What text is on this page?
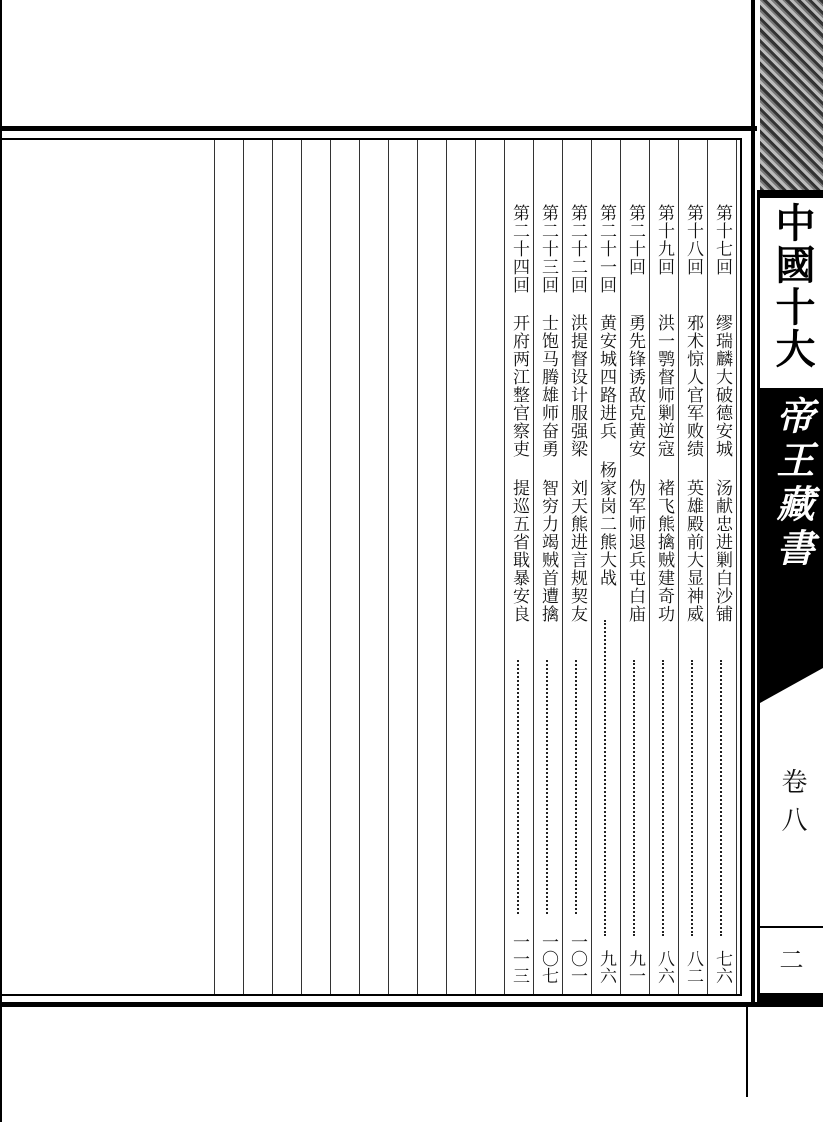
第十七回
缪瑞麟大破德安城 汤献忠进剿白沙铺
七六
第十八回
邪术惊人官军败绩 英雄殿前大显神威
八二
第十九回
洪一鹗督师剿逆寇 褚飞熊擒贼建奇功
八六
第二十回
勇先锋诱敌克黄安 伪军师退兵屯白庙
九一
第二十一回
黄安城四路进兵 杨家岗二熊大战
九六
第二十二回
洪提督设计服强梁 刘天熊进言规契友
一〇一
第二十三回
士饱马腾雄师奋勇 智穷力竭贼首遭擒
一〇七
第二十四回
开府两江整官察吏 提巡五省戢暴安良
一一三
中國十大
帝王藏書
卷八
二
